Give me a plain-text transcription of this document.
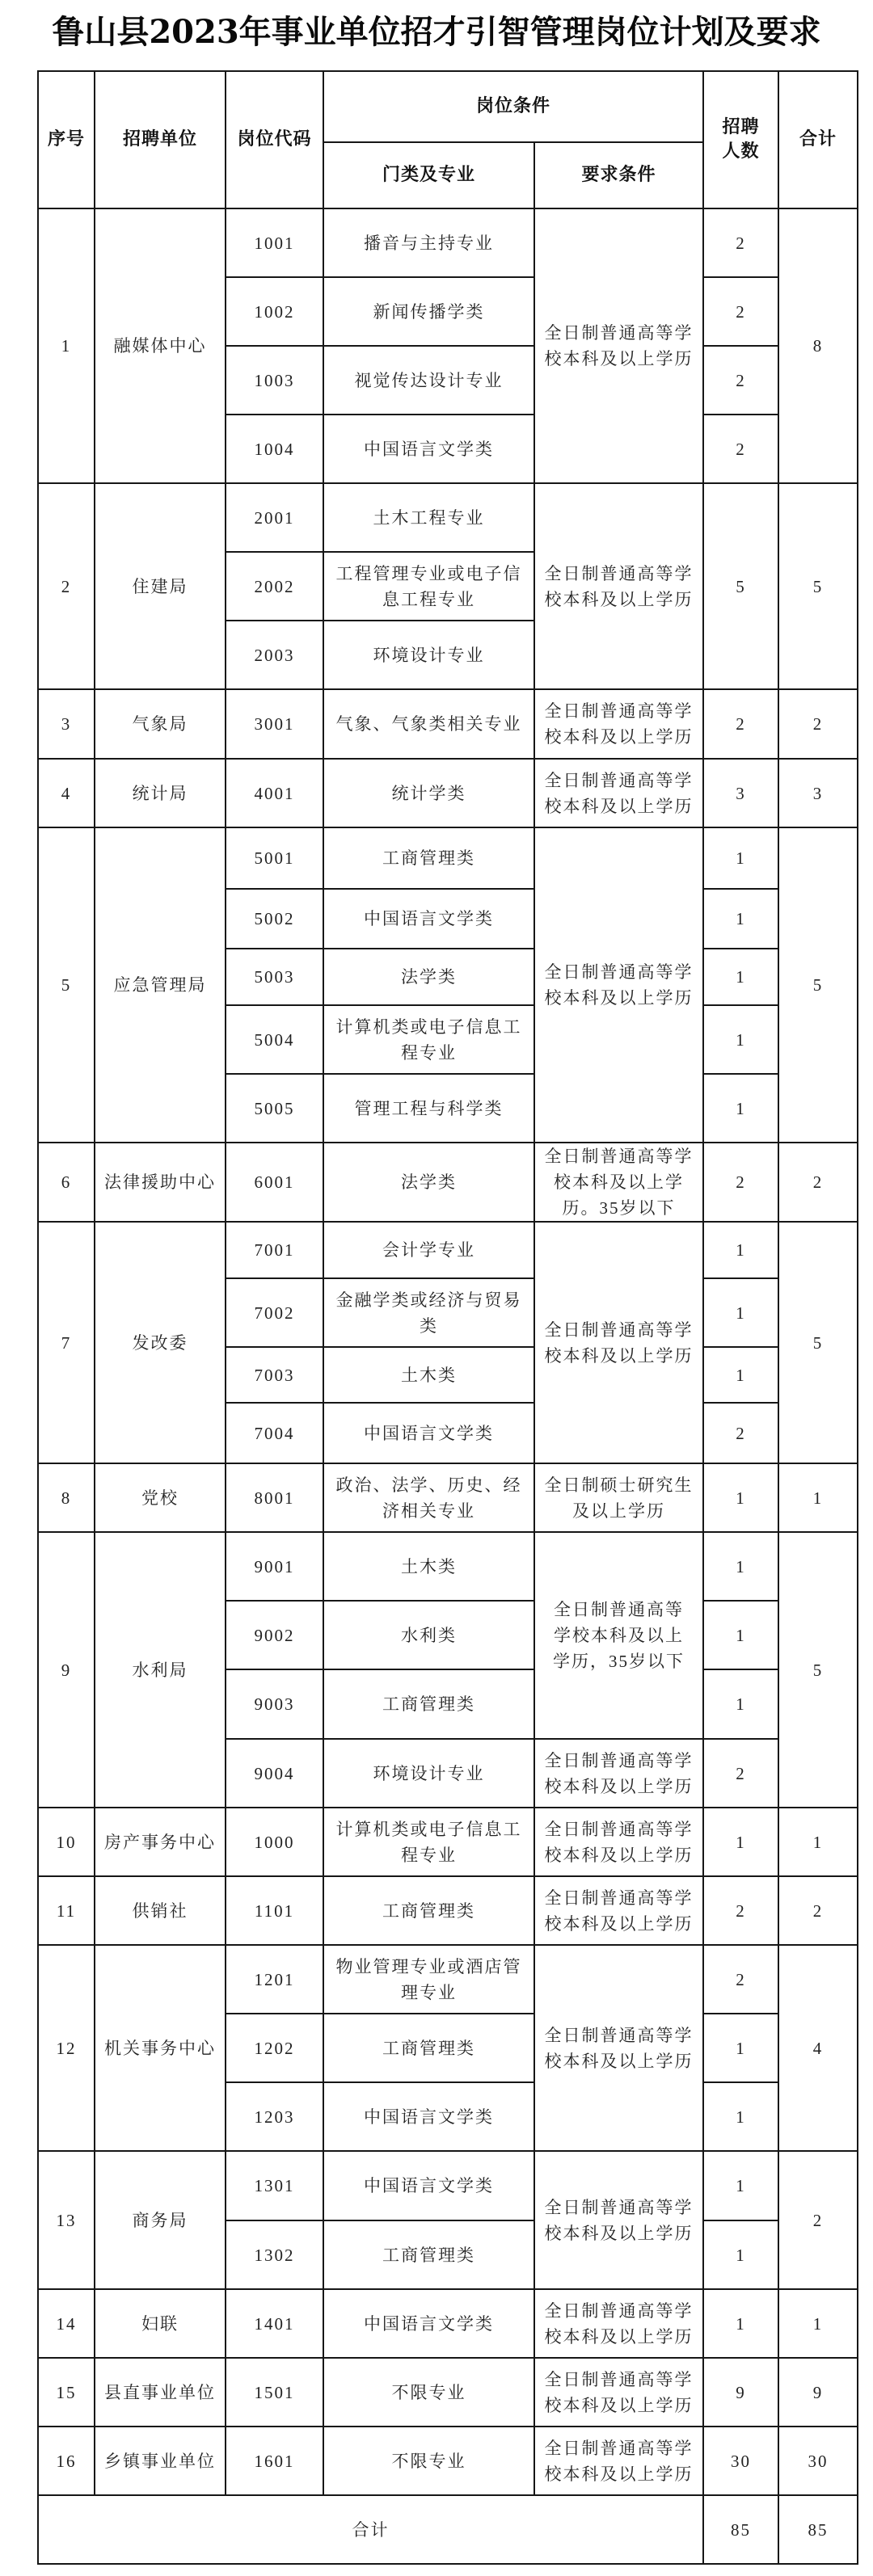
鲁山县2023年事业单位招才引智管理岗位计划及要求
序号	招聘单位	岗位代码	岗位条件		招聘人数	合计
			门类及专业	要求条件		
1	融媒体中心	1001	播音与主持专业	全日制普通高等学校本科及以上学历	2	8
		1002	新闻传播学类		2	
		1003	视觉传达设计专业		2	
		1004	中国语言文学类		2	
2	住建局	2001	土木工程专业	全日制普通高等学校本科及以上学历	5	5
		2002	工程管理专业或电子信息工程专业			
		2003	环境设计专业			
3	气象局	3001	气象、气象类相关专业	全日制普通高等学校本科及以上学历	2	2
4	统计局	4001	统计学类	全日制普通高等学校本科及以上学历	3	3
5	应急管理局	5001	工商管理类	全日制普通高等学校本科及以上学历	1	5
		5002	中国语言文学类		1	
		5003	法学类		1	
		5004	计算机类或电子信息工程专业		1	
		5005	管理工程与科学类		1	
6	法律援助中心	6001	法学类	全日制普通高等学校本科及以上学历。35岁以下	2	2
7	发改委	7001	会计学专业	全日制普通高等学校本科及以上学历	1	5
		7002	金融学类或经济与贸易类		1	
		7003	土木类		1	
		7004	中国语言文学类		2	
8	党校	8001	政治、法学、历史、经济相关专业	全日制硕士研究生及以上学历	1	1
9	水利局	9001	土木类	全日制普通高等学校本科及以上学历，35岁以下	1	5
		9002	水利类		1	
		9003	工商管理类		1	
		9004	环境设计专业	全日制普通高等学校本科及以上学历	2	
10	房产事务中心	1000	计算机类或电子信息工程专业	全日制普通高等学校本科及以上学历	1	1
11	供销社	1101	工商管理类	全日制普通高等学校本科及以上学历	2	2
12	机关事务中心	1201	物业管理专业或酒店管理专业	全日制普通高等学校本科及以上学历	2	4
		1202	工商管理类		1	
		1203	中国语言文学类		1	
13	商务局	1301	中国语言文学类	全日制普通高等学校本科及以上学历	1	2
		1302	工商管理类		1	
14	妇联	1401	中国语言文学类	全日制普通高等学校本科及以上学历	1	1
15	县直事业单位	1501	不限专业	全日制普通高等学校本科及以上学历	9	9
16	乡镇事业单位	1601	不限专业	全日制普通高等学校本科及以上学历	30	30
合计					85	85
